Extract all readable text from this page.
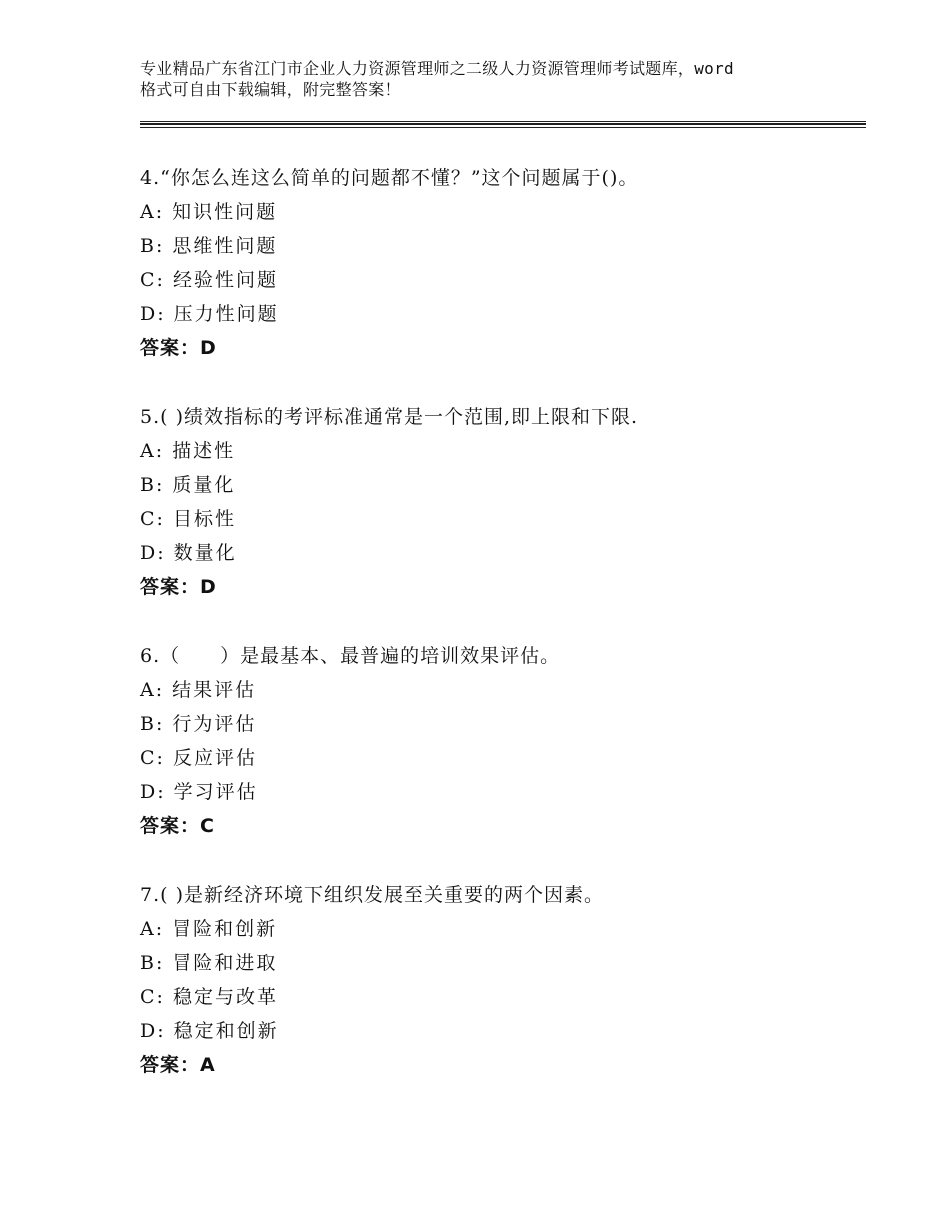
专业精品广东省江门市企业人力资源管理师之二级人力资源管理师考试题库，word
格式可自由下载编辑，附完整答案！
4.“你怎么连这么简单的问题都不懂？”这个问题属于()。
A: 知识性问题
B: 思维性问题
C: 经验性问题
D: 压力性问题
答案：D
5.( )绩效指标的考评标准通常是一个范围,即上限和下限.
A: 描述性
B: 质量化
C: 目标性
D: 数量化
答案：D
6.（　　）是最基本、最普遍的培训效果评估。
A: 结果评估
B: 行为评估
C: 反应评估
D: 学习评估
答案：C
7.( )是新经济环境下组织发展至关重要的两个因素。
A: 冒险和创新
B: 冒险和进取
C: 稳定与改革
D: 稳定和创新
答案：A
